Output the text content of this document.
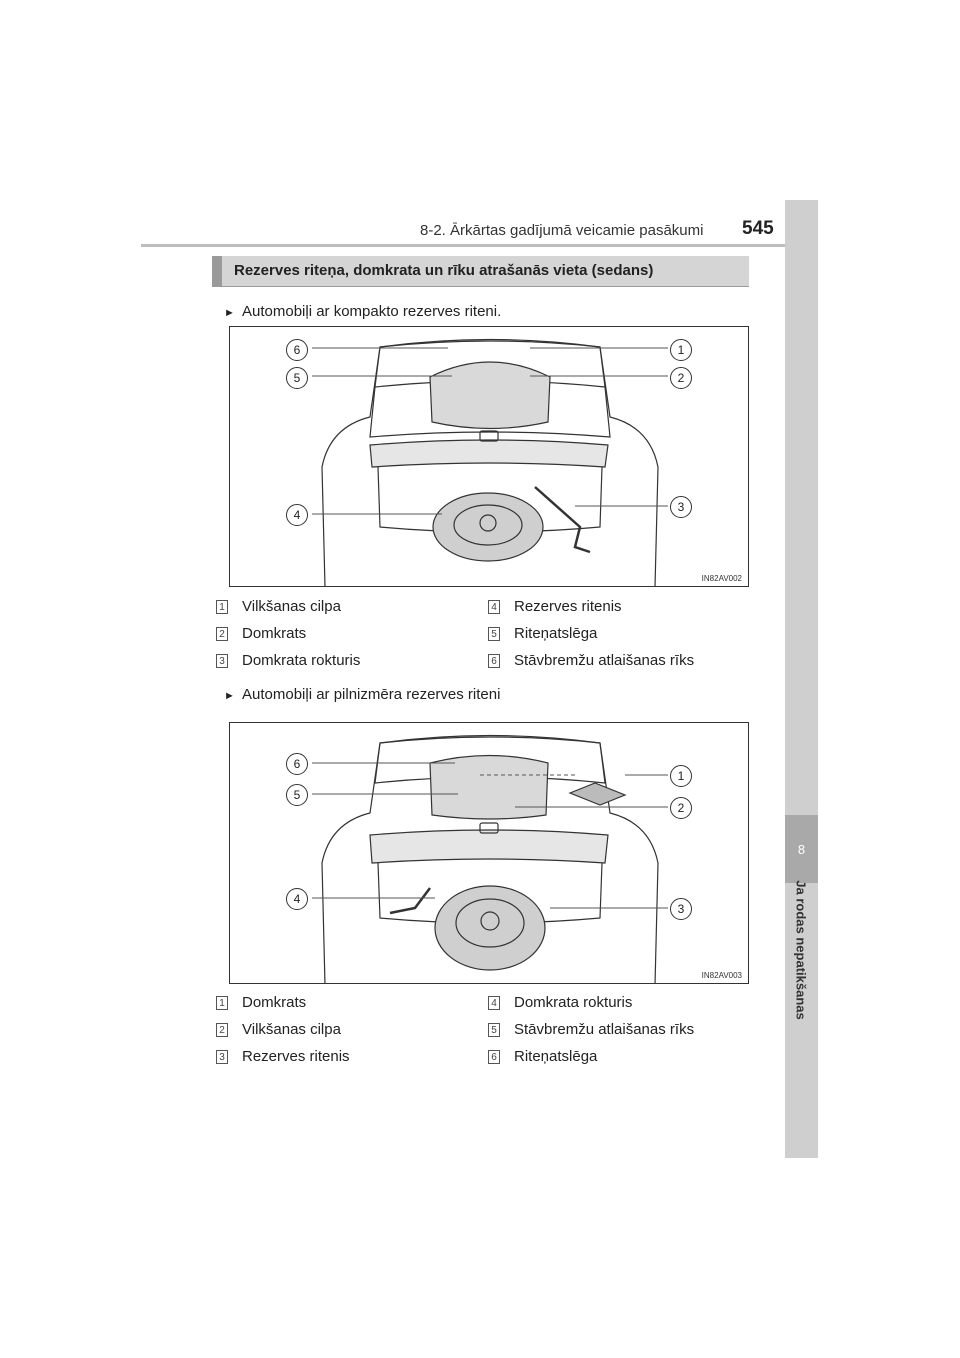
8-2. Ārkārtas gadījumā veicamie pasākumi 545
8
Ja rodas nepatikšanas
Rezerves riteņa, domkrata un rīku atrašanās vieta (sedans)
► Automobiļi ar kompakto rezerves riteni.
6
5
4
1
2
3
IN82AV002
1 Vilkšanas cilpa
2 Domkrats
3 Domkrata rokturis
4 Rezerves ritenis
5 Riteņatslēga
6 Stāvbremžu atlaišanas rīks
► Automobiļi ar pilnizmēra rezerves riteni
6
5
4
1
2
3
IN82AV003
1 Domkrats
2 Vilkšanas cilpa
3 Rezerves ritenis
4 Domkrata rokturis
5 Stāvbremžu atlaišanas rīks
6 Riteņatslēga
